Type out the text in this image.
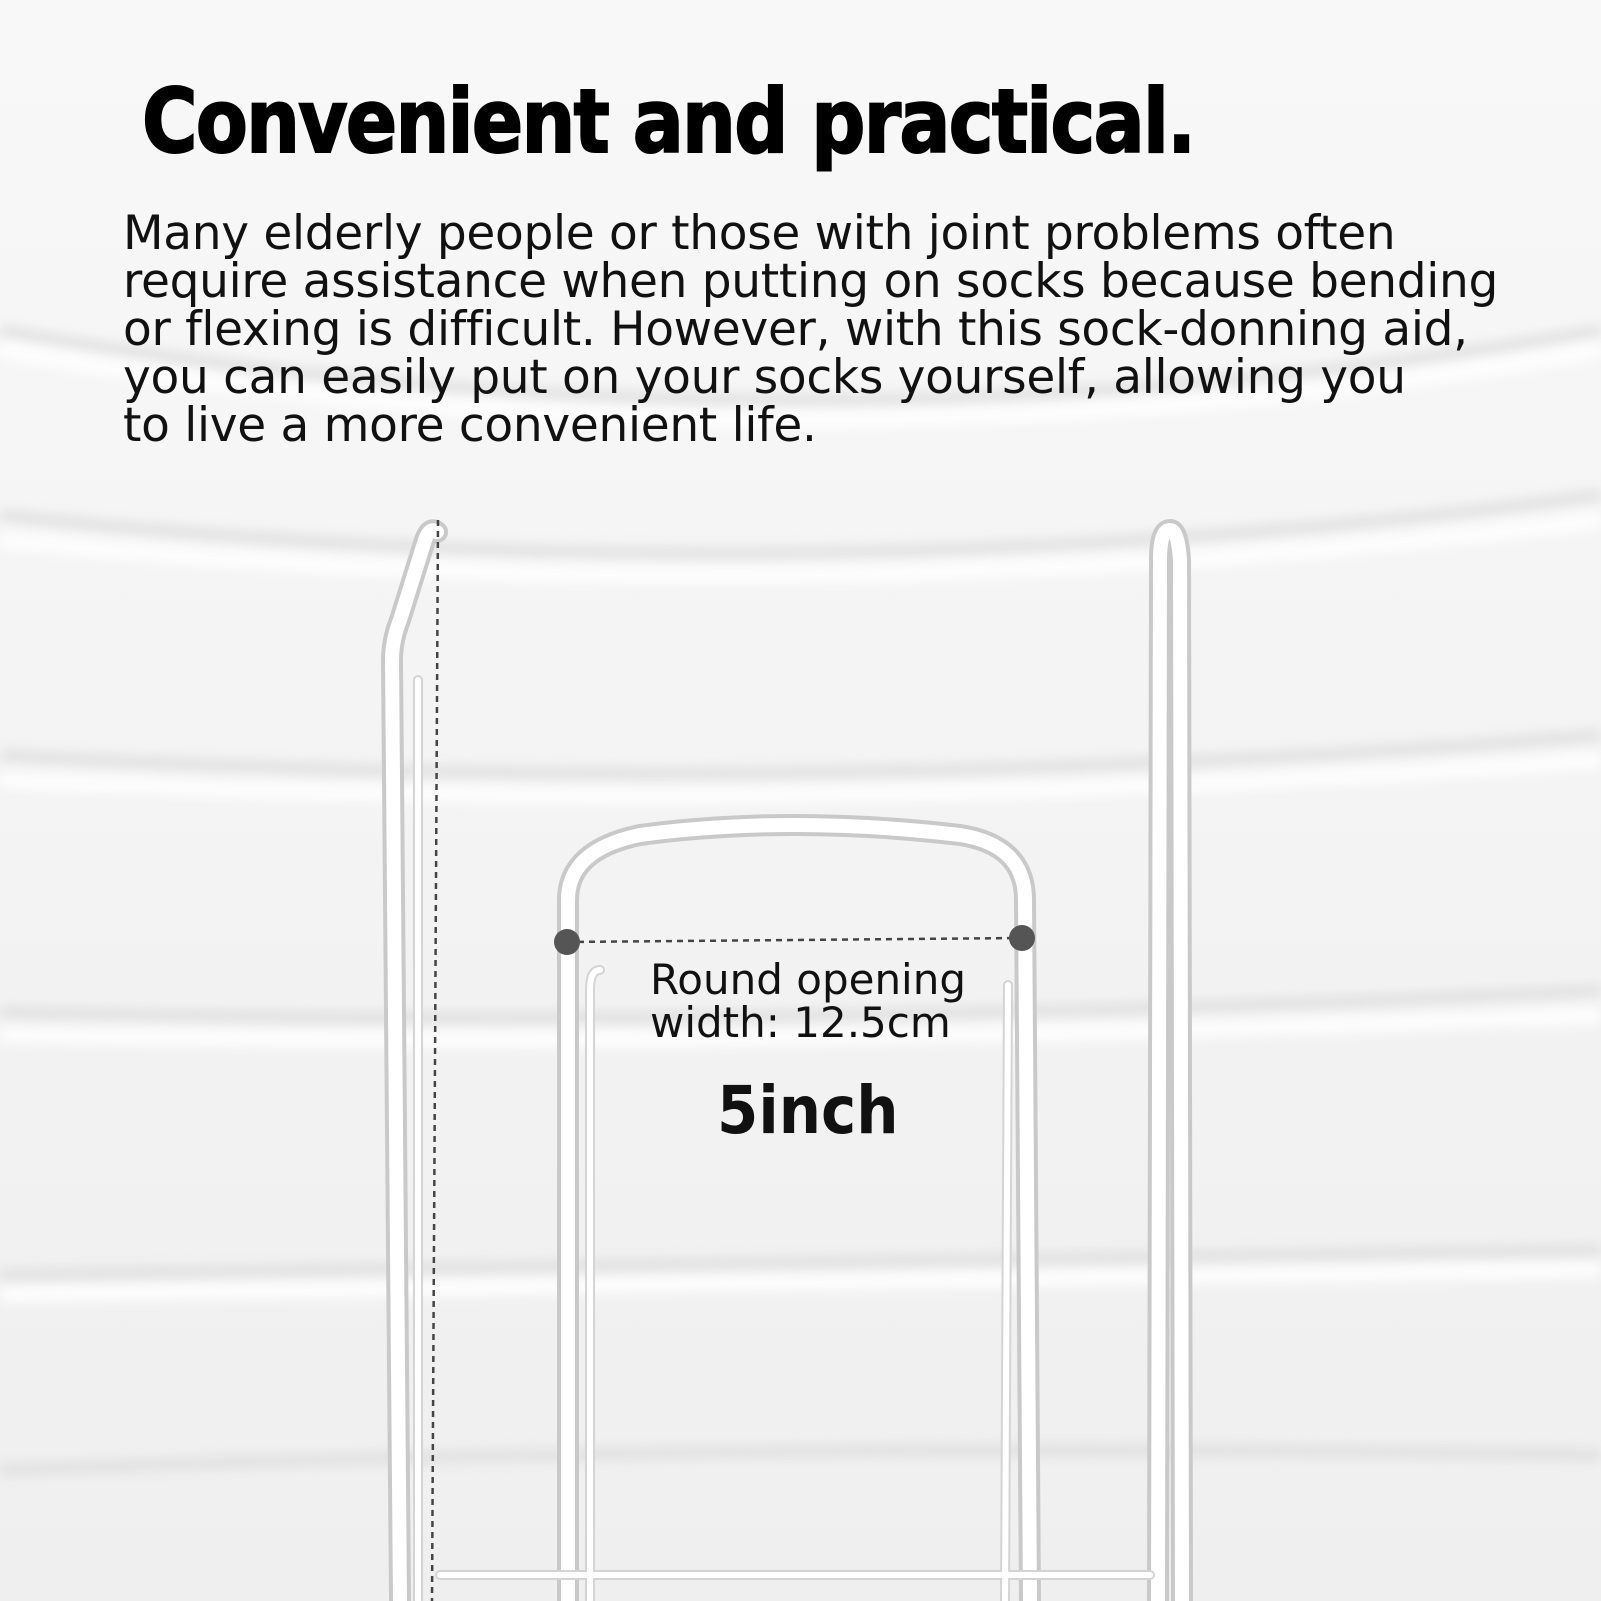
Convenient and practical.

Many elderly people or those with joint problems often
require assistance when putting on socks because bending
or flexing is difficult. However, with this sock-donning aid,
you can easily put on your socks yourself, allowing you
to live a more convenient life.

Round opening
width: 12.5cm

5inch
